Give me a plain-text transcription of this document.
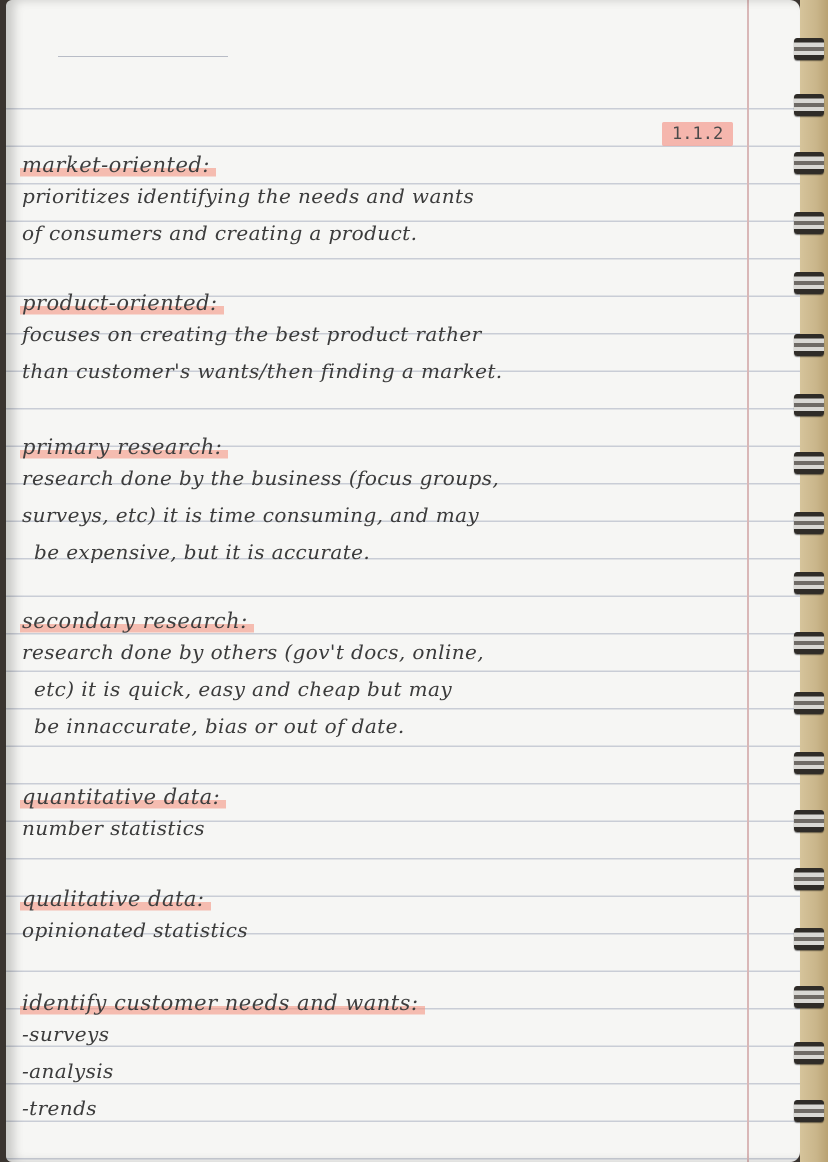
1.1.2
market-oriented:
prioritizes identifying the needs and wants
of consumers and creating a product.
product-oriented:
focuses on creating the best product rather
than customer's wants/then finding a market.
primary research:
research done by the business (focus groups,
surveys, etc) it is time consuming, and may
be expensive, but it is accurate.
secondary research:
research done by others (gov't docs, online,
etc) it is quick, easy and cheap but may
be innaccurate, bias or out of date.
quantitative data:
number statistics
qualitative data:
opinionated statistics
identify customer needs and wants:
-surveys
-analysis
-trends
